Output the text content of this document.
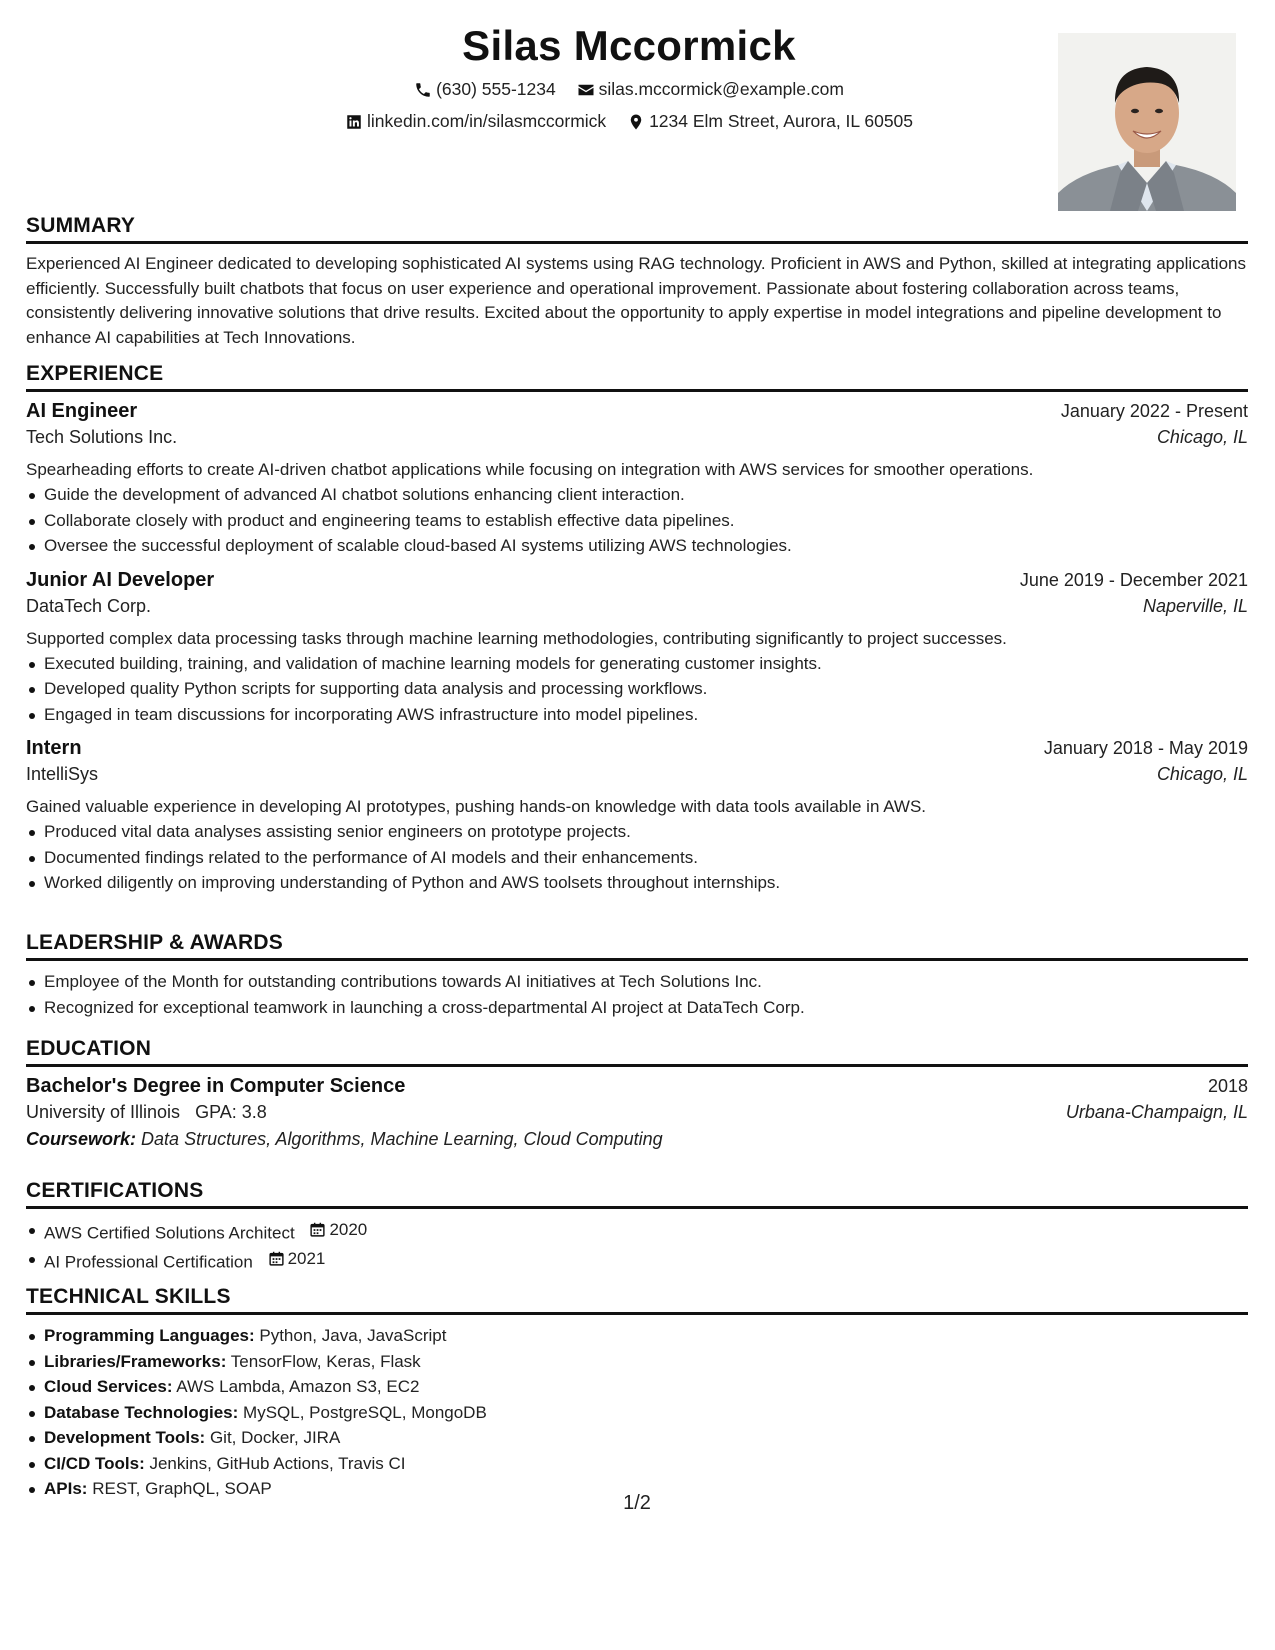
Silas Mccormick
(630) 555-1234
silas.mccormick@example.com
linkedin.com/in/silasmccormick
1234 Elm Street, Aurora, IL 60505
SUMMARY
Experienced AI Engineer dedicated to developing sophisticated AI systems using RAG technology. Proficient in AWS and Python, skilled at integrating applications efficiently. Successfully built chatbots that focus on user experience and operational improvement. Passionate about fostering collaboration across teams, consistently delivering innovative solutions that drive results. Excited about the opportunity to apply expertise in model integrations and pipeline development to enhance AI capabilities at Tech Innovations.
EXPERIENCE
AI Engineer	January 2022 - Present
Tech Solutions Inc.	Chicago, IL
Spearheading efforts to create AI-driven chatbot applications while focusing on integration with AWS services for smoother operations.
Guide the development of advanced AI chatbot solutions enhancing client interaction.
Collaborate closely with product and engineering teams to establish effective data pipelines.
Oversee the successful deployment of scalable cloud-based AI systems utilizing AWS technologies.
Junior AI Developer	June 2019 - December 2021
DataTech Corp.	Naperville, IL
Supported complex data processing tasks through machine learning methodologies, contributing significantly to project successes.
Executed building, training, and validation of machine learning models for generating customer insights.
Developed quality Python scripts for supporting data analysis and processing workflows.
Engaged in team discussions for incorporating AWS infrastructure into model pipelines.
Intern	January 2018 - May 2019
IntelliSys	Chicago, IL
Gained valuable experience in developing AI prototypes, pushing hands-on knowledge with data tools available in AWS.
Produced vital data analyses assisting senior engineers on prototype projects.
Documented findings related to the performance of AI models and their enhancements.
Worked diligently on improving understanding of Python and AWS toolsets throughout internships.
LEADERSHIP & AWARDS
Employee of the Month for outstanding contributions towards AI initiatives at Tech Solutions Inc.
Recognized for exceptional teamwork in launching a cross-departmental AI project at DataTech Corp.
EDUCATION
Bachelor's Degree in Computer Science	2018
University of Illinois GPA: 3.8	Urbana-Champaign, IL
Coursework: Data Structures, Algorithms, Machine Learning, Cloud Computing
CERTIFICATIONS
AWS Certified Solutions Architect 2020
AI Professional Certification 2021
TECHNICAL SKILLS
Programming Languages: Python, Java, JavaScript
Libraries/Frameworks: TensorFlow, Keras, Flask
Cloud Services: AWS Lambda, Amazon S3, EC2
Database Technologies: MySQL, PostgreSQL, MongoDB
Development Tools: Git, Docker, JIRA
CI/CD Tools: Jenkins, GitHub Actions, Travis CI
APIs: REST, GraphQL, SOAP
1/2
